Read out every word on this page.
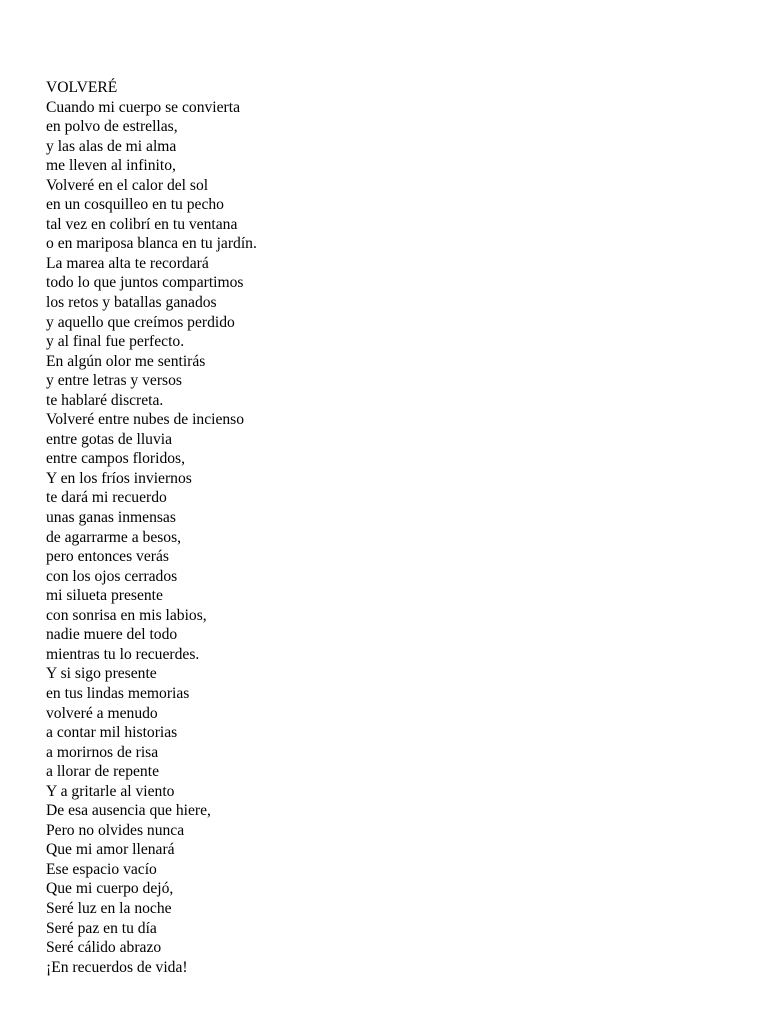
VOLVERÉ
Cuando mi cuerpo se convierta
en polvo de estrellas,
y las alas de mi alma
me lleven al infinito,
Volveré en el calor del sol
en un cosquilleo en tu pecho
tal vez en colibrí en tu ventana
o en mariposa blanca en tu jardín.
La marea alta te recordará
todo lo que juntos compartimos
los retos y batallas ganados
y aquello que creímos perdido
y al final fue perfecto.
En algún olor me sentirás
y entre letras y versos
te hablaré discreta.
Volveré entre nubes de incienso
entre gotas de lluvia
entre campos floridos,
Y en los fríos inviernos
te dará mi recuerdo
unas ganas inmensas
de agarrarme a besos,
pero entonces verás
con los ojos cerrados
mi silueta presente
con sonrisa en mis labios,
nadie muere del todo
mientras tu lo recuerdes.
Y si sigo presente
en tus lindas memorias
volveré a menudo
a contar mil historias
a morirnos de risa
a llorar de repente
Y a gritarle al viento
De esa ausencia que hiere,
Pero no olvides nunca
Que mi amor llenará
Ese espacio vacío
Que mi cuerpo dejó,
Seré luz en la noche
Seré paz en tu día
Seré cálido abrazo
¡En recuerdos de vida!
